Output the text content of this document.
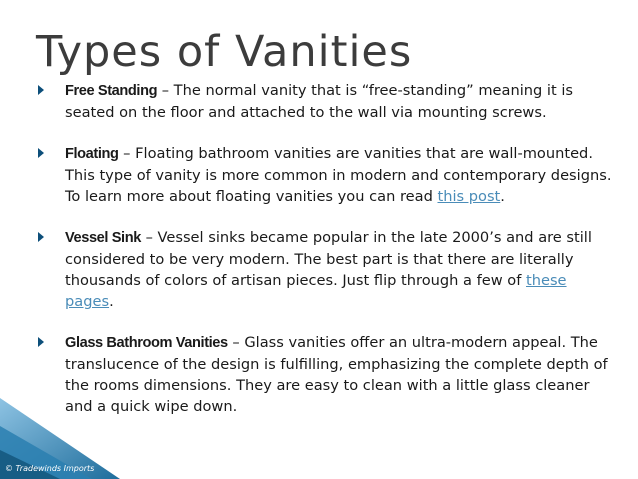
Types of Vanities
Free Standing – The normal vanity that is “free-standing” meaning it is seated on the floor and attached to the wall via mounting screws.
Floating – Floating bathroom vanities are vanities that are wall-mounted. This type of vanity is more common in modern and contemporary designs. To learn more about floating vanities you can read this post.
Vessel Sink – Vessel sinks became popular in the late 2000’s and are still considered to be very modern. The best part is that there are literally thousands of colors of artisan pieces. Just flip through a few of these pages.
Glass Bathroom Vanities – Glass vanities offer an ultra-modern appeal. The translucence of the design is fulfilling, emphasizing the complete depth of the rooms dimensions. They are easy to clean with a little glass cleaner and a quick wipe down.
© Tradewinds Imports
